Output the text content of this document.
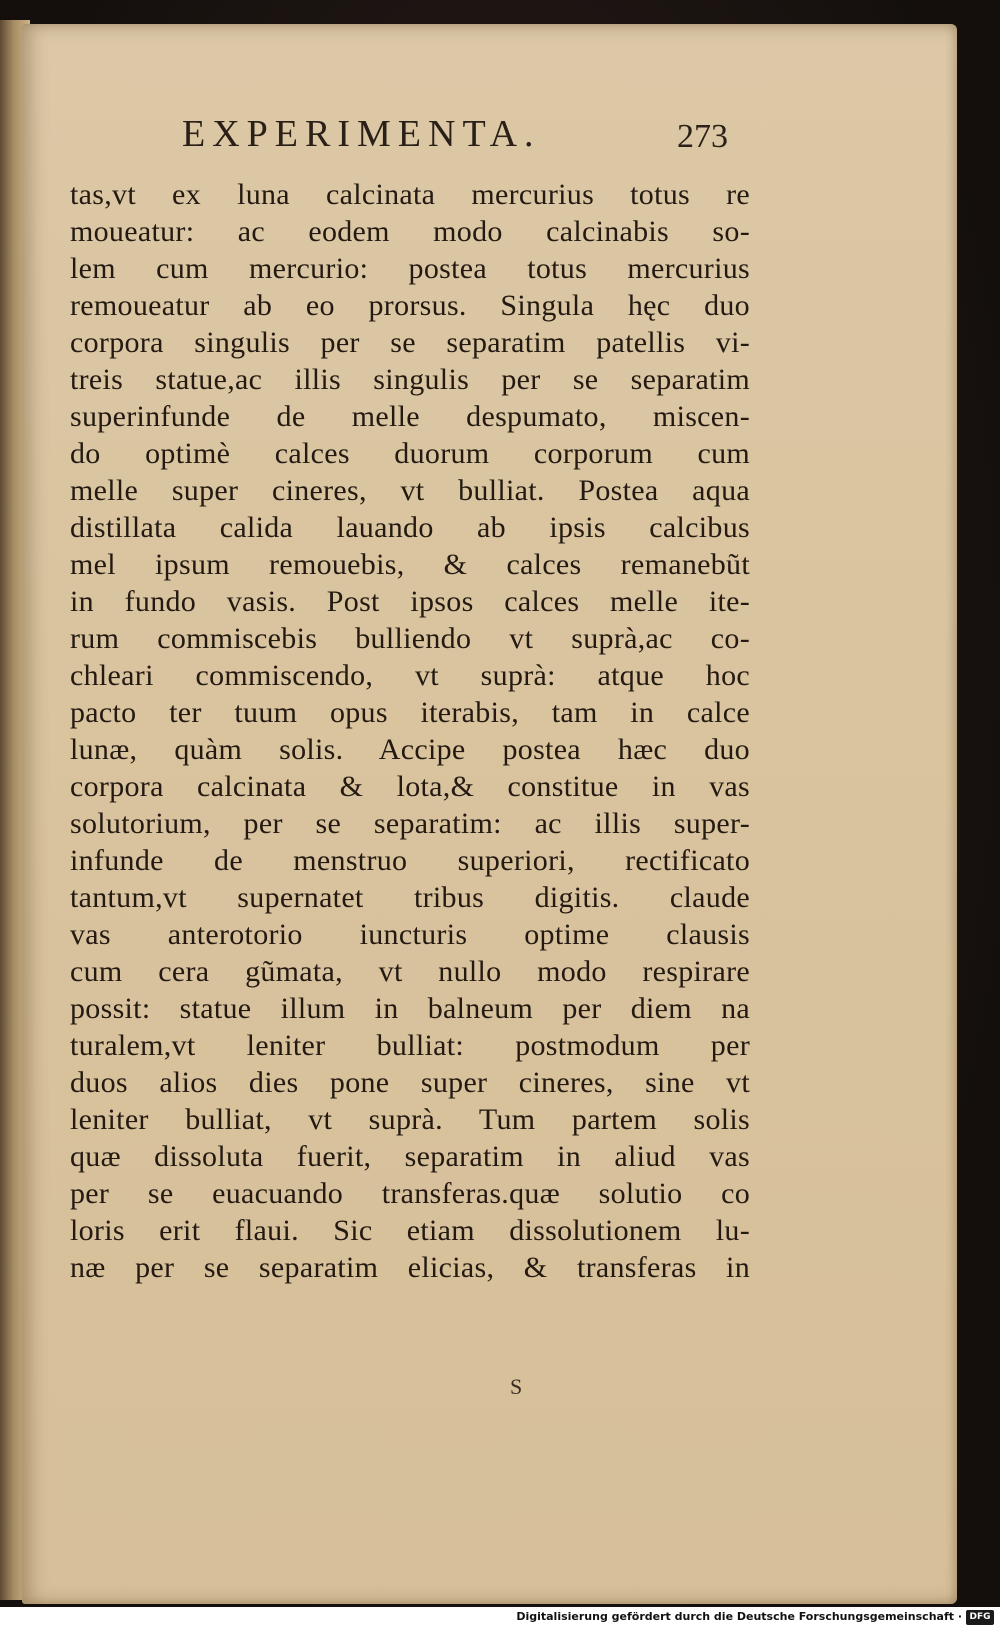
EXPERIMENTA.	273
tas,vt ex luna calcinata mercurius totus re
moueatur: ac eodem modo calcinabis so-
lem cum mercurio: postea totus mercurius
remoueatur ab eo prorsus. Singula hęc duo
corpora singulis per se separatim patellis vi-
treis statue,ac illis singulis per se separatim
superinfunde de melle despumato, miscen-
do optimè calces duorum corporum cum
melle super cineres, vt bulliat. Postea aqua
distillata calida lauando ab ipsis calcibus
mel ipsum remouebis, & calces remanebũt
in fundo vasis. Post ipsos calces melle ite-
rum commiscebis bulliendo vt suprà,ac co-
chleari commiscendo, vt suprà: atque hoc
pacto ter tuum opus iterabis, tam in calce
lunæ, quàm solis. Accipe postea hæc duo
corpora calcinata & lota,& constitue in vas
solutorium, per se separatim: ac illis super-
infunde de menstruo superiori, rectificato
tantum,vt supernatet tribus digitis. claude
vas anterotorio iuncturis optime clausis
cum cera gũmata, vt nullo modo respirare
possit: statue illum in balneum per diem na
turalem,vt leniter bulliat: postmodum per
duos alios dies pone super cineres, sine vt
leniter bulliat, vt suprà. Tum partem solis
quæ dissoluta fuerit, separatim in aliud vas
per se euacuando transferas.quæ solutio co
loris erit flaui. Sic etiam dissolutionem lu-
næ per se separatim elicias, & transferas in
S
Digitalisierung gefördert durch die Deutsche Forschungsgemeinschaft · DFG
